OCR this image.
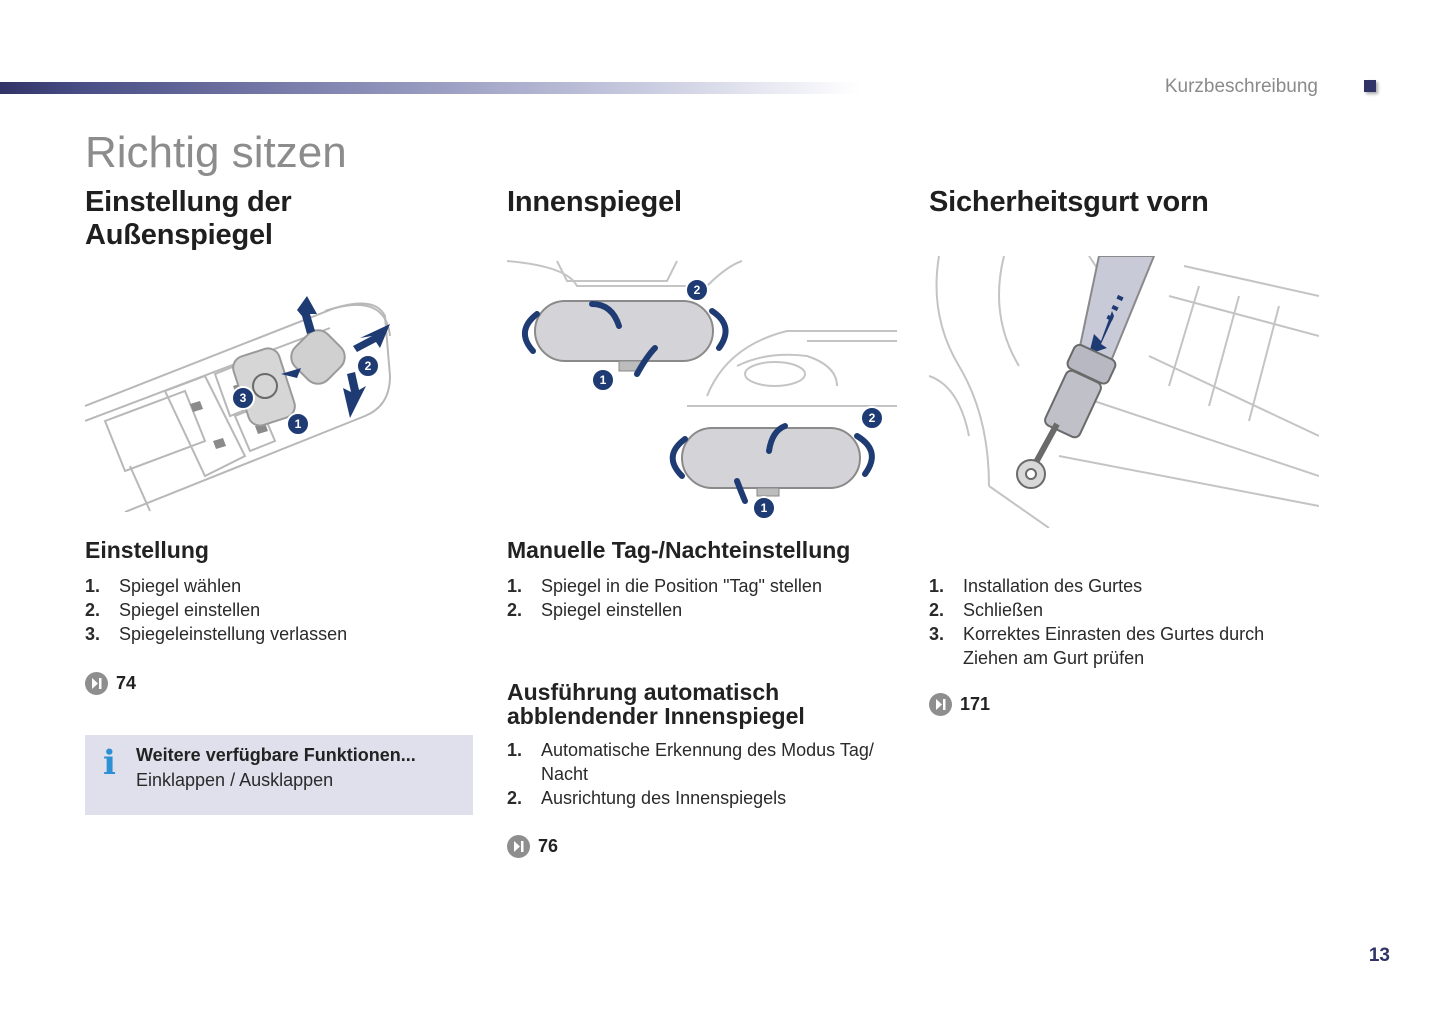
Kurzbeschreibung
Richtig sitzen
Einstellung der Außenspiegel
1
2
3
Einstellung
1. Spiegel wählen
2. Spiegel einstellen
3. Spiegeleinstellung verlassen
74
i Weitere verfügbare Funktionen...
Einklappen / Ausklappen
Innenspiegel
1
2
1
2
Manuelle Tag-/Nachteinstellung
1. Spiegel in die Position "Tag" stellen
2. Spiegel einstellen
Ausführung automatisch
abblendender Innenspiegel
1. Automatische Erkennung des Modus Tag/
Nacht
2. Ausrichtung des Innenspiegels
76
Sicherheitsgurt vorn
1. Installation des Gurtes
2. Schließen
3. Korrektes Einrasten des Gurtes durch
Ziehen am Gurt prüfen
171
13
